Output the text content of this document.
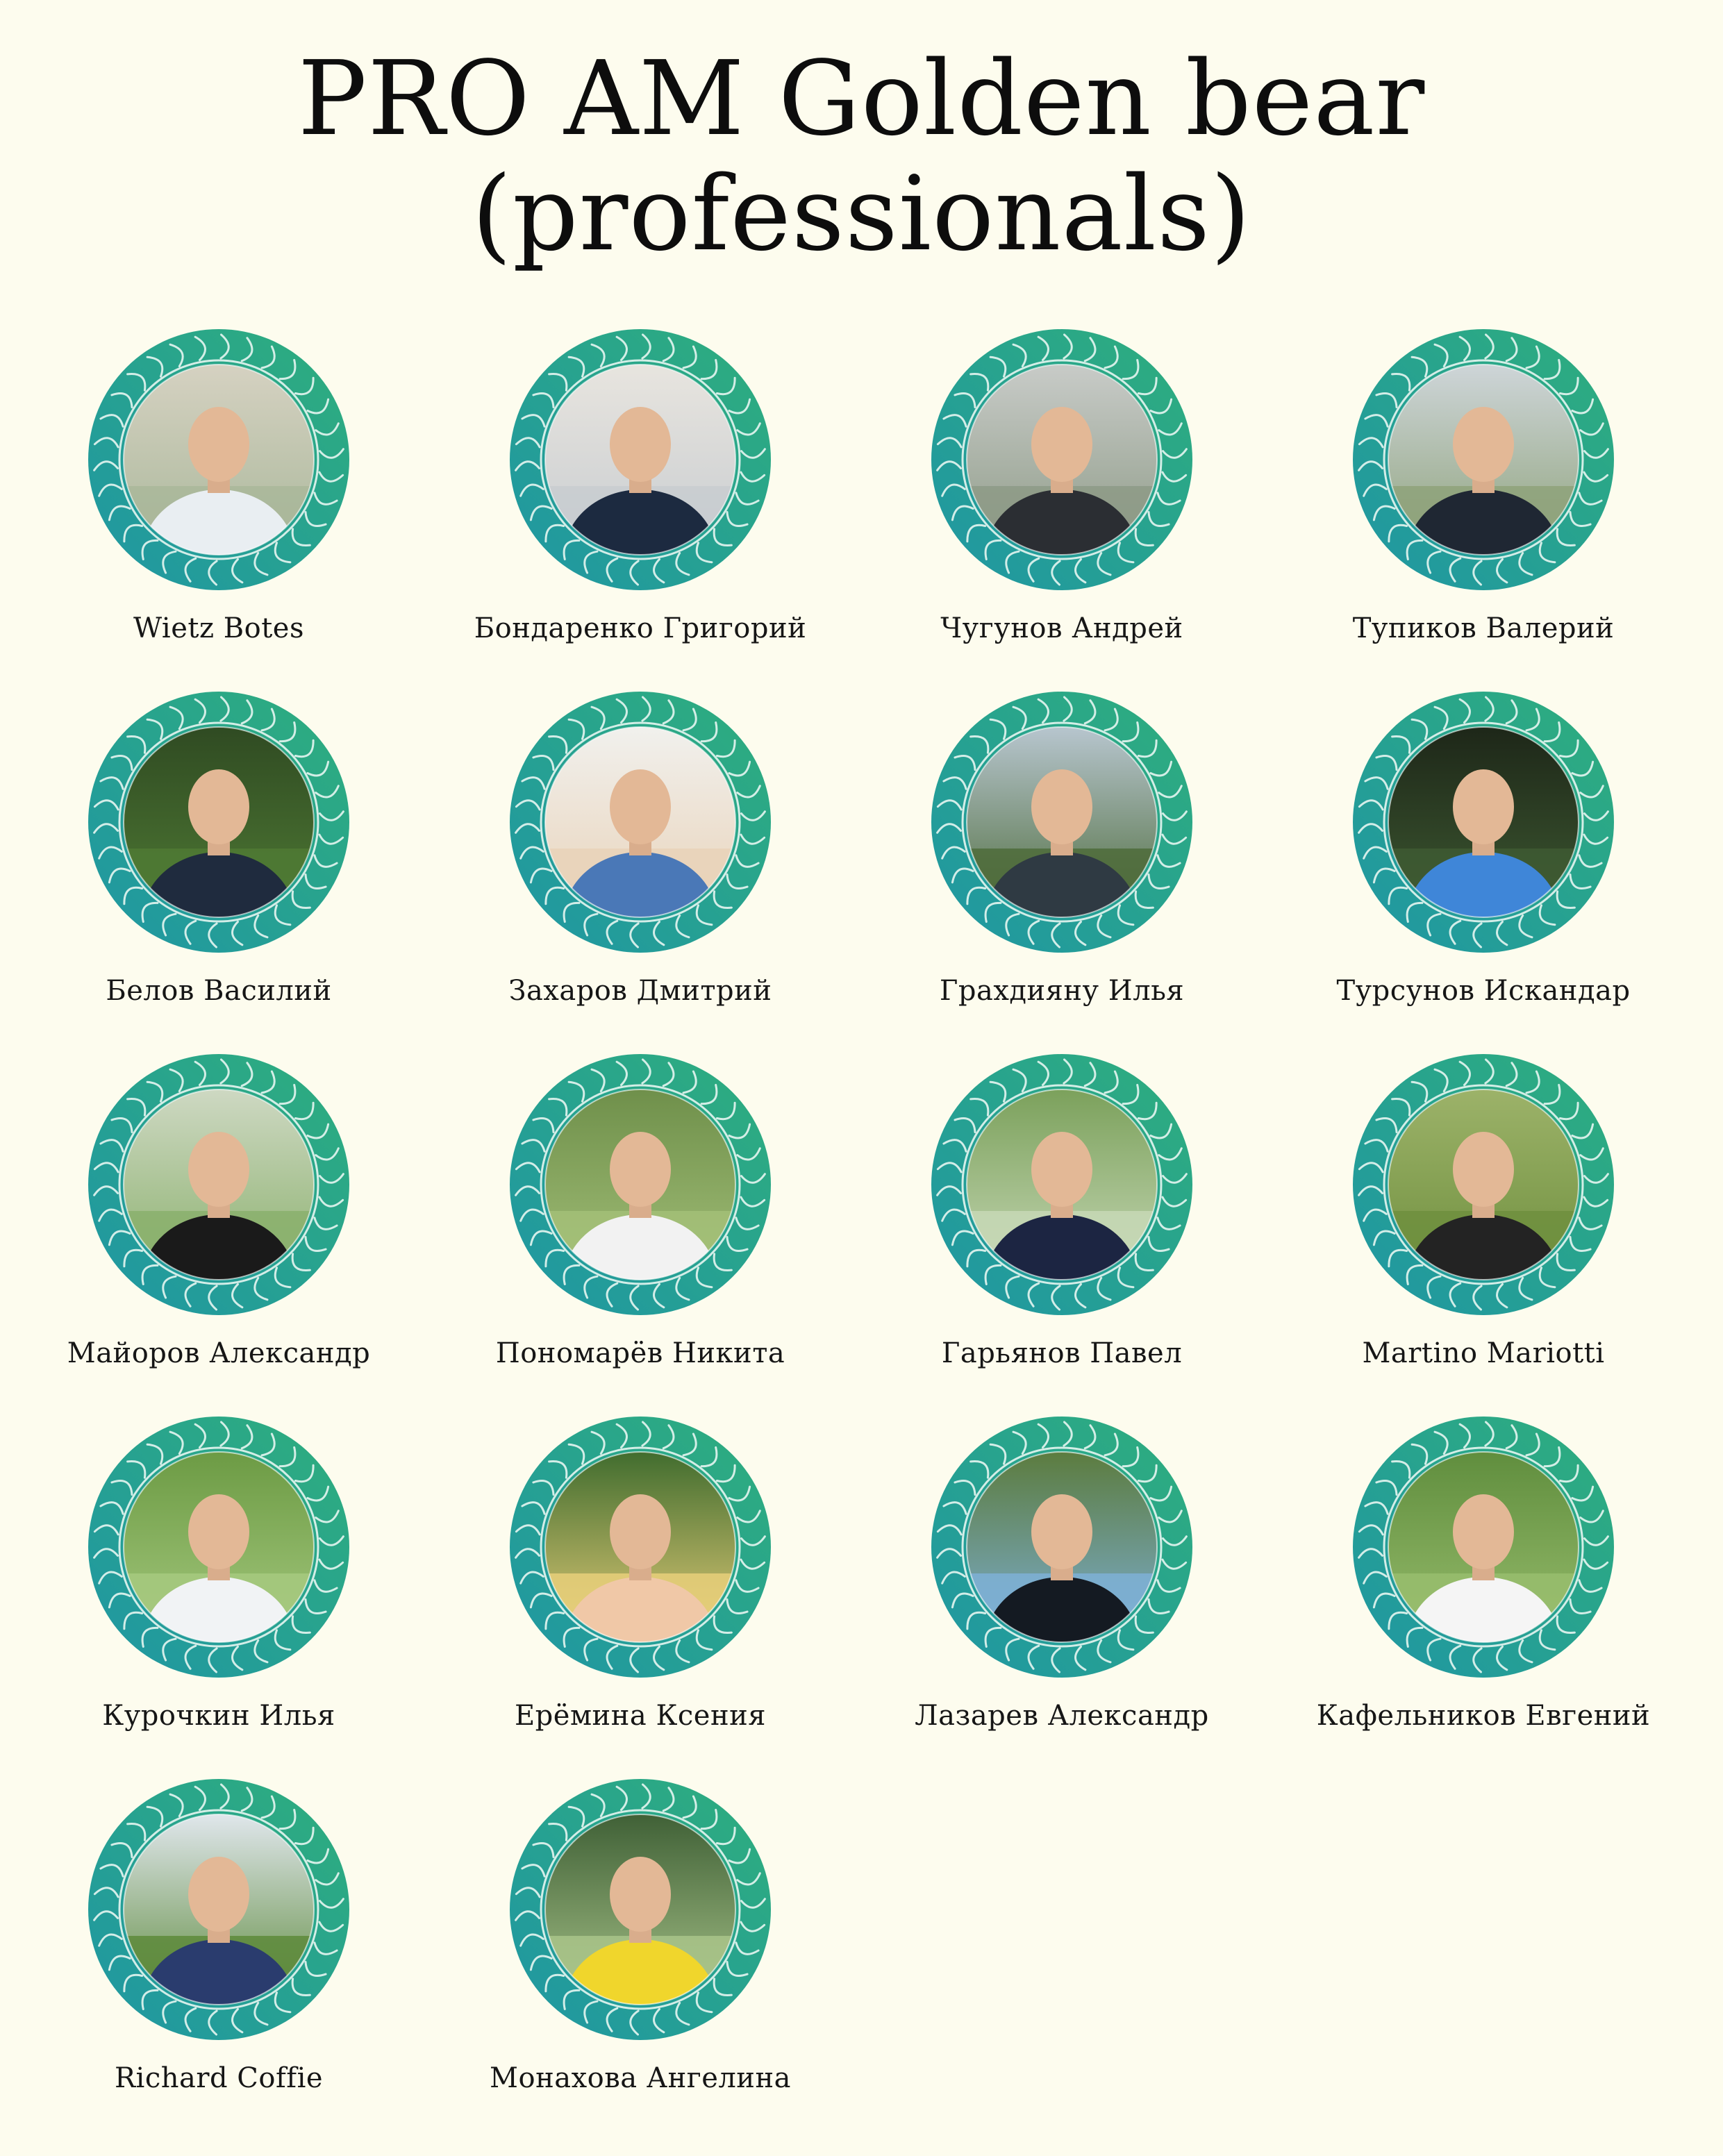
PRO AM Golden bear
(professionals)
Wietz Botes	Бондаренко Григорий	Чугунов Андрей	Тупиков Валерий
Белов Василий	Захаров Дмитрий	Грахдияну Илья	Турсунов Искандар
Майоров Александр	Пономарёв Никита	Гарьянов Павел	Martino Mariotti
Курочкин Илья	Ерёмина Ксения	Лазарев Александр	Кафельников Евгений
Richard Coffie	Монахова Ангелина
